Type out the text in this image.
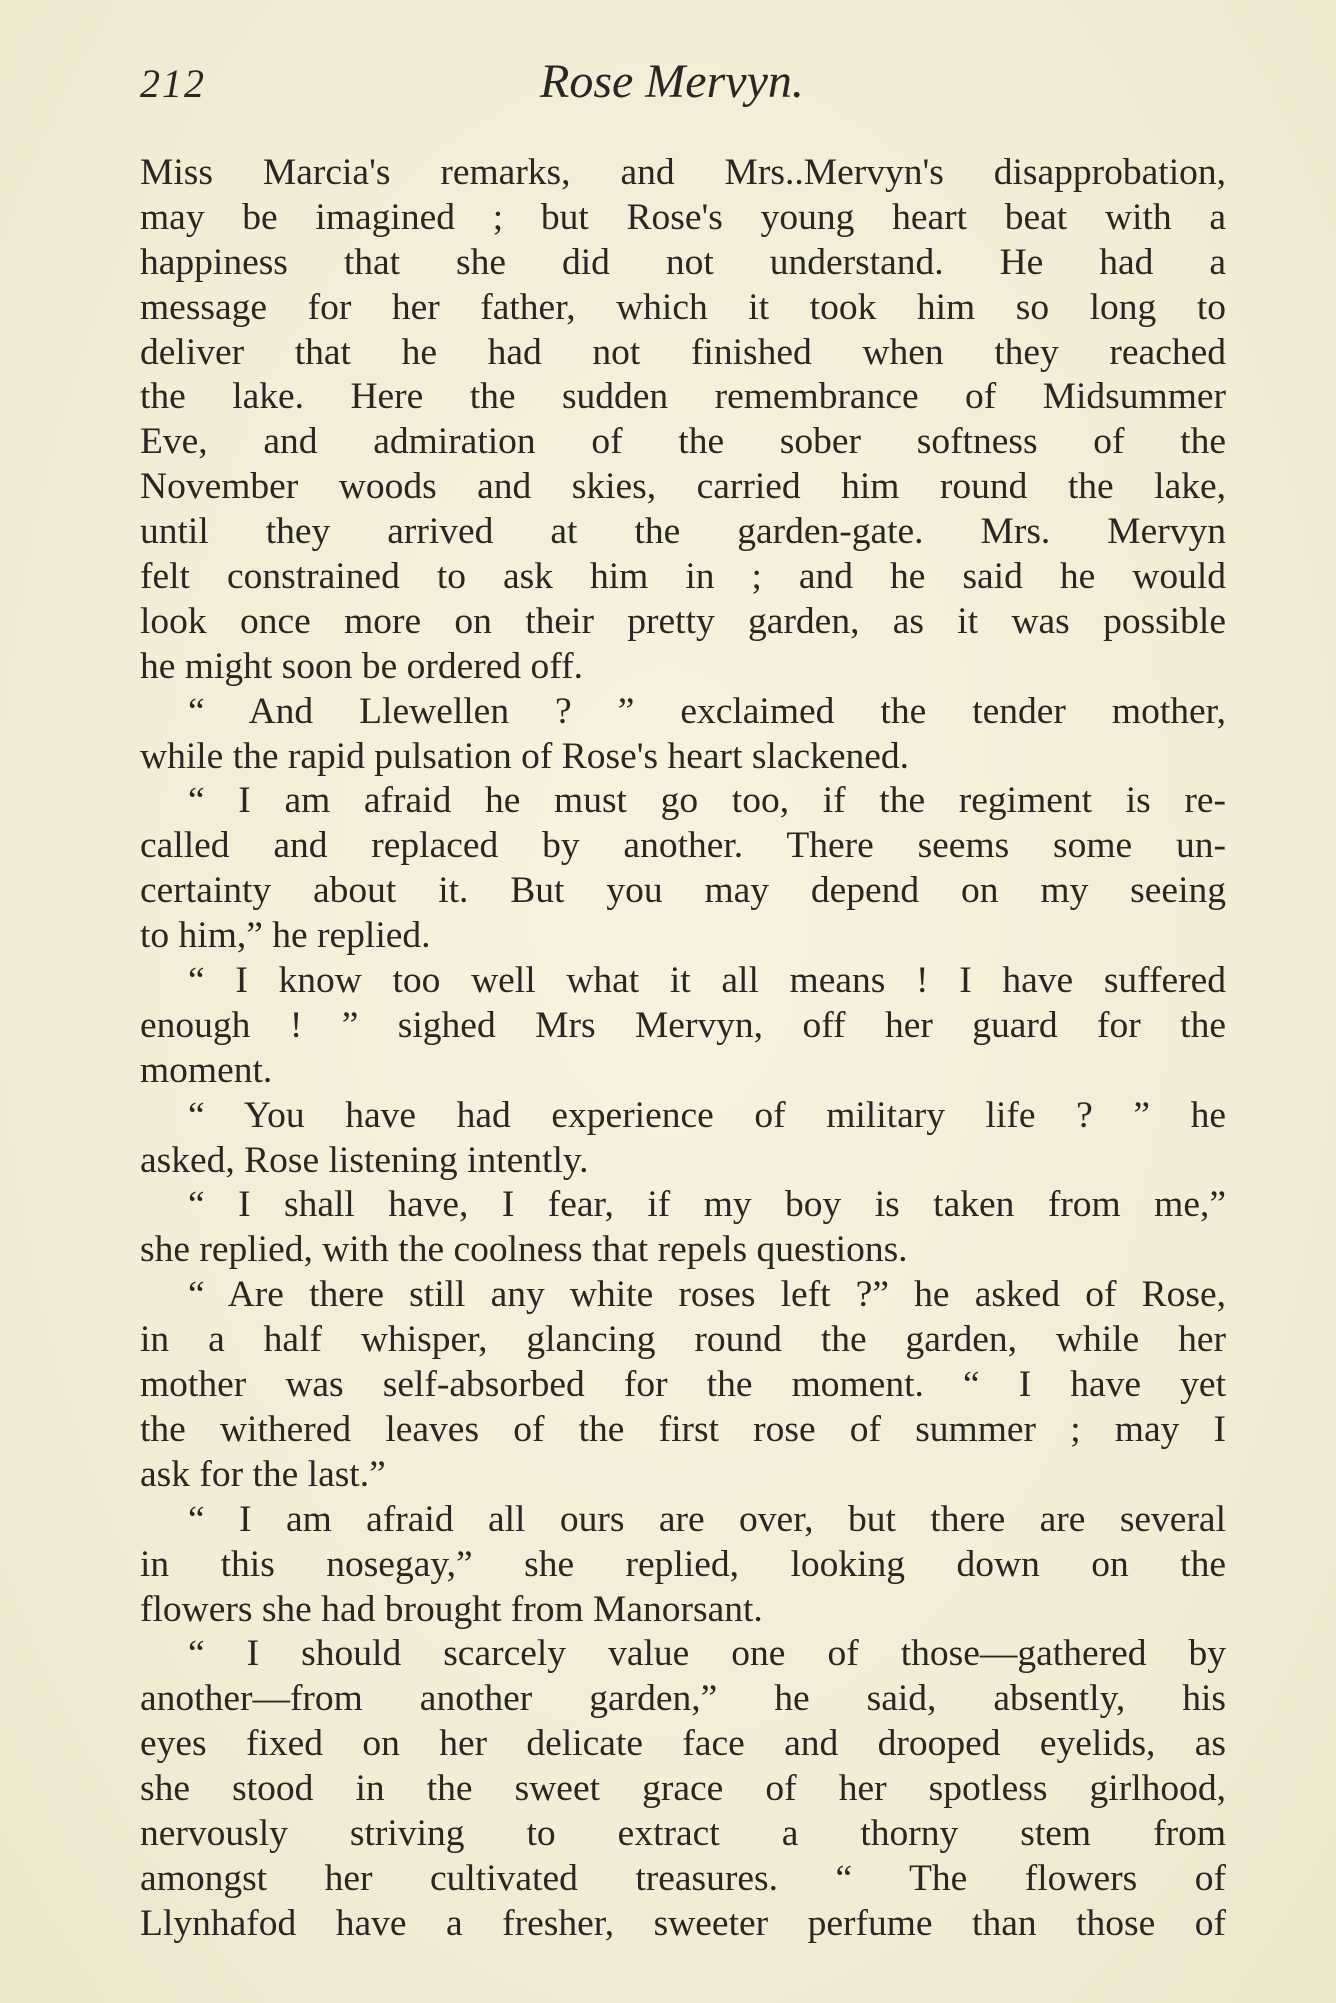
212	Rose Mervyn.
Miss Marcia's remarks, and Mrs..Mervyn's disapprobation,
may be imagined ; but Rose's young heart beat with a
happiness that she did not understand. He had a
message for her father, which it took him so long to
deliver that he had not finished when they reached
the lake. Here the sudden remembrance of Midsummer
Eve, and admiration of the sober softness of the
November woods and skies, carried him round the lake,
until they arrived at the garden-gate. Mrs. Mervyn
felt constrained to ask him in ; and he said he would
look once more on their pretty garden, as it was possible
he might soon be ordered off.
“ And Llewellen ? ” exclaimed the tender mother,
while the rapid pulsation of Rose's heart slackened.
“ I am afraid he must go too, if the regiment is re-
called and replaced by another. There seems some un-
certainty about it. But you may depend on my seeing
to him,” he replied.
“ I know too well what it all means ! I have suffered
enough ! ” sighed Mrs Mervyn, off her guard for the
moment.
“ You have had experience of military life ? ” he
asked, Rose listening intently.
“ I shall have, I fear, if my boy is taken from me,”
she replied, with the coolness that repels questions.
“ Are there still any white roses left ?” he asked of Rose,
in a half whisper, glancing round the garden, while her
mother was self-absorbed for the moment. “ I have yet
the withered leaves of the first rose of summer ; may I
ask for the last.”
“ I am afraid all ours are over, but there are several
in this nosegay,” she replied, looking down on the
flowers she had brought from Manorsant.
“ I should scarcely value one of those—gathered by
another—from another garden,” he said, absently, his
eyes fixed on her delicate face and drooped eyelids, as
she stood in the sweet grace of her spotless girlhood,
nervously striving to extract a thorny stem from
amongst her cultivated treasures. “ The flowers of
Llynhafod have a fresher, sweeter perfume than those of
